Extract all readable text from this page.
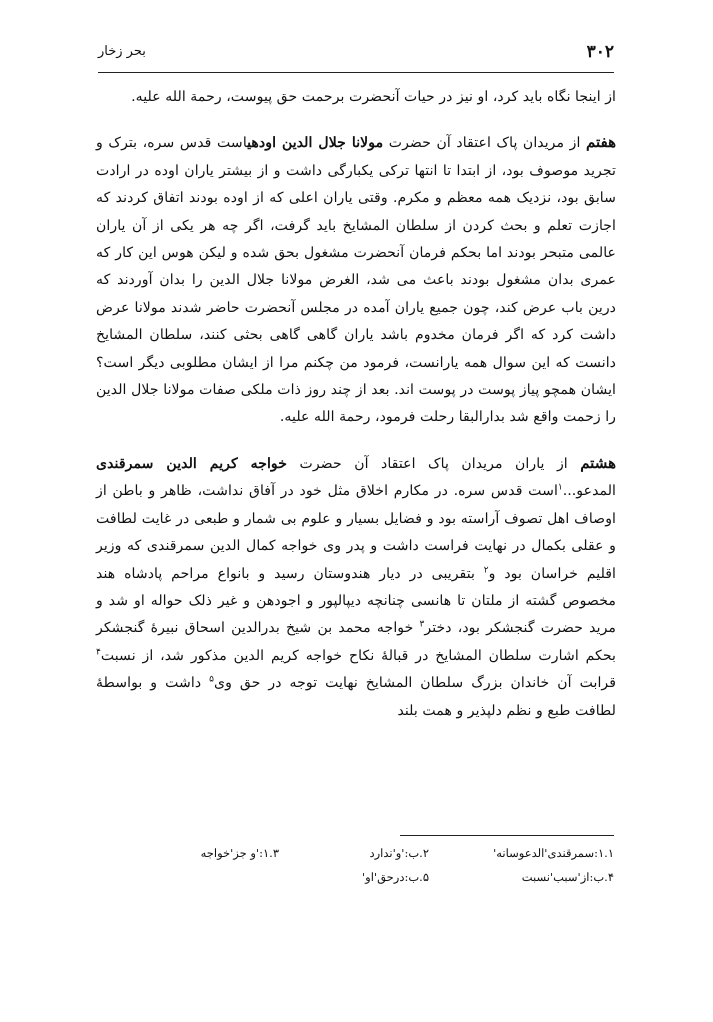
۳۰۲
بحر زخار

از اینجا نگاه باید کرد، او نیز در حیات آنحضرت برحمت حق پیوست، رحمة الله علیه.

هفتم از مریدان پاک اعتقاد آن حضرت مولانا جلال الدین اودهیاست قدس سره، بترک و تجرید موصوف بود، از ابتدا تا انتها ترکی یکبارگی داشت و از بیشتر یاران اوده در ارادت سابق بود، نزدیک همه معظم و مکرم. وقتی یاران اعلی که از اوده بودند اتفاق کردند که اجازت تعلم و بحث کردن از سلطان المشایخ باید گرفت، اگر چه هر یکی از آن یاران عالمی متبحر بودند اما بحکم فرمان آنحضرت مشغول بحق شده و لیکن هوس این کار که عمری بدان مشغول بودند باعث می شد، الغرض مولانا جلال الدین را بدان آوردند که درین باب عرض کند، چون جمیع یاران آمده در مجلس آنحضرت حاضر شدند مولانا عرض داشت کرد که اگر فرمان مخدوم باشد یاران گاهی گاهی بحثی کنند، سلطان المشایخ دانست که این سوال همه یارانست، فرمود من چکنم مرا از ایشان مطلوبی دیگر است؟ ایشان همچو پیاز پوست در پوست اند. بعد از چند روز ذات ملکی صفات مولانا جلال الدین را زحمت واقع شد بدارالبقا رحلت فرمود، رحمة الله علیه.

هشتم از یاران مریدان پاک اعتقاد آن حضرت خواجه کریم الدین سمرقندی المدعو...$^۱$است قدس سره. در مکارم اخلاق مثل خود در آفاق نداشت، ظاهر و باطن از اوصاف اهل تصوف آراسته بود و فضایل بسیار و علوم بی شمار و طبعی در غایت لطافت و عقلی بکمال در نهایت فراست داشت و پدر وی خواجه کمال الدین سمرقندی که وزیر اقلیم خراسان بود و$^۲$ بتقریبی در دیار هندوستان رسید و بانواع مراحم پادشاه هند مخصوص گشته از ملتان تا هانسی چنانچه دیپالپور و اجودهن و غیر ذلک حواله او شد و مرید حضرت گنجشکر بود، دختر$^۳$ خواجه محمد بن شیخ بدرالدین اسحاق نبیرهٔ گنجشکر بحکم اشارت سلطان المشایخ در قبالهٔ نکاح خواجه کریم الدین مذکور شد، از نسبت$^۴$ قرابت آن خاندان بزرگ سلطان المشایخ نهایت توجه در حق وی$^۵$ داشت و بواسطهٔ لطافت طبع و نظم دلپذیر و همت بلند

۱.۱:سمرقندی'الدعوسانه'
۲.ب:'و'ندارد
۱.۳:'و جز'خواجه
۴.ب:از'سبب'نسبت
۵.ب:درحق'او'
